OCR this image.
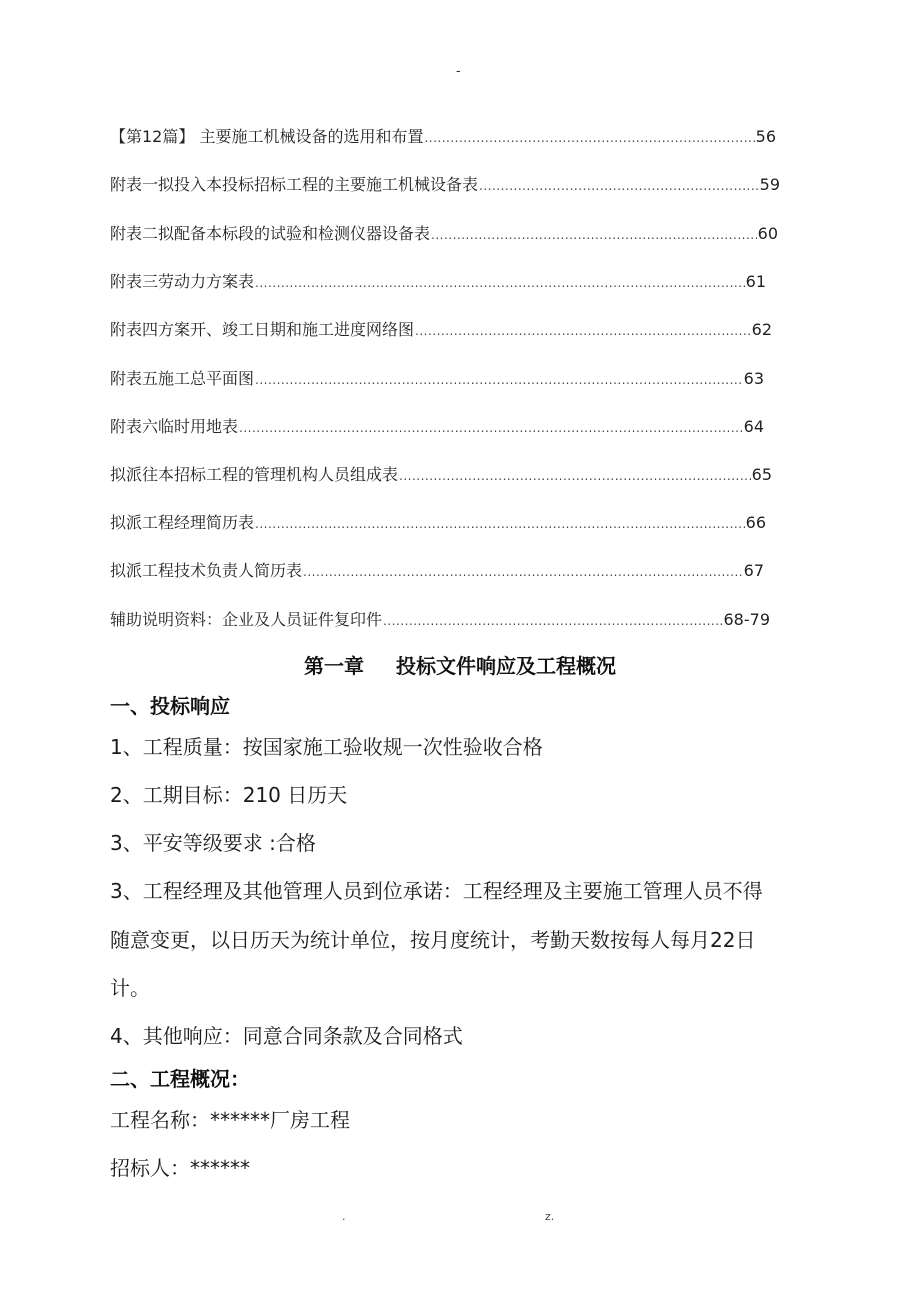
-
【第12篇】 主要施工机械设备的选用和布置 .....	56
附表一拟投入本投标招标工程的主要施工机械设备表 .....	59
附表二拟配备本标段的试验和检测仪器设备表 .....	60
附表三劳动力方案表 .....	61
附表四方案开、竣工日期和施工进度网络图 .....	62
附表五施工总平面图 .....	63
附表六临时用地表 .....	64
拟派往本招标工程的管理机构人员组成表 .....	65
拟派工程经理简历表 .....	66
拟派工程技术负责人简历表 .....	67
辅助说明资料：企业及人员证件复印件 .....	68-79
第一章 投标文件响应及工程概况
一、投标响应
1、工程质量：按国家施工验收规一次性验收合格
2、工期目标：210 日历天
3、平安等级要求 :合格
3、工程经理及其他管理人员到位承诺：工程经理及主要施工管理人员不得
随意变更，以日历天为统计单位，按月度统计，考勤天数按每人每月22日
计。
4、其他响应：同意合同条款及合同格式
二、工程概况：
工程名称：******厂房工程
招标人：******
.	z.
